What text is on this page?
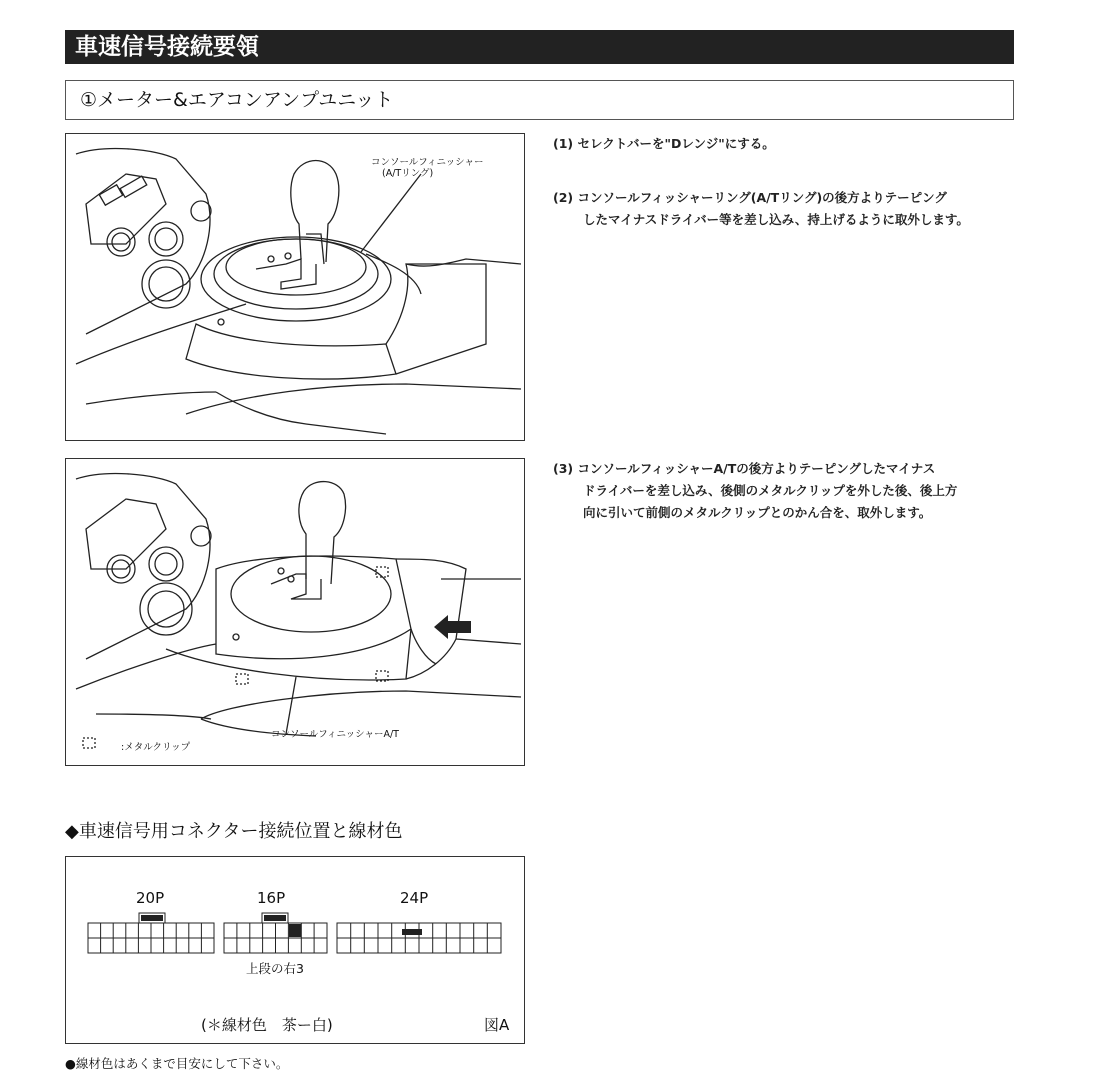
車速信号接続要領
①メーター&エアコンアンプユニット
コンソールフィニッシャー
(A/Tリング)
コンソールフィニッシャーA/T
:メタルクリップ
(1) セレクトバーを"Dレンジ"にする。
(2) コンソールフィッシャーリング(A/Tリング)の後方よりテーピング
したマイナスドライバー等を差し込み、持上げるように取外します。
(3) コンソールフィッシャーA/Tの後方よりテーピングしたマイナス
ドライバーを差し込み、後側のメタルクリップを外した後、後上方
向に引いて前側のメタルクリップとのかん合を、取外します。
◆車速信号用コネクター接続位置と線材色
20P	16P	24P
上段の右3
(＊線材色　茶ー白)	図A
●線材色はあくまで目安にして下さい。
